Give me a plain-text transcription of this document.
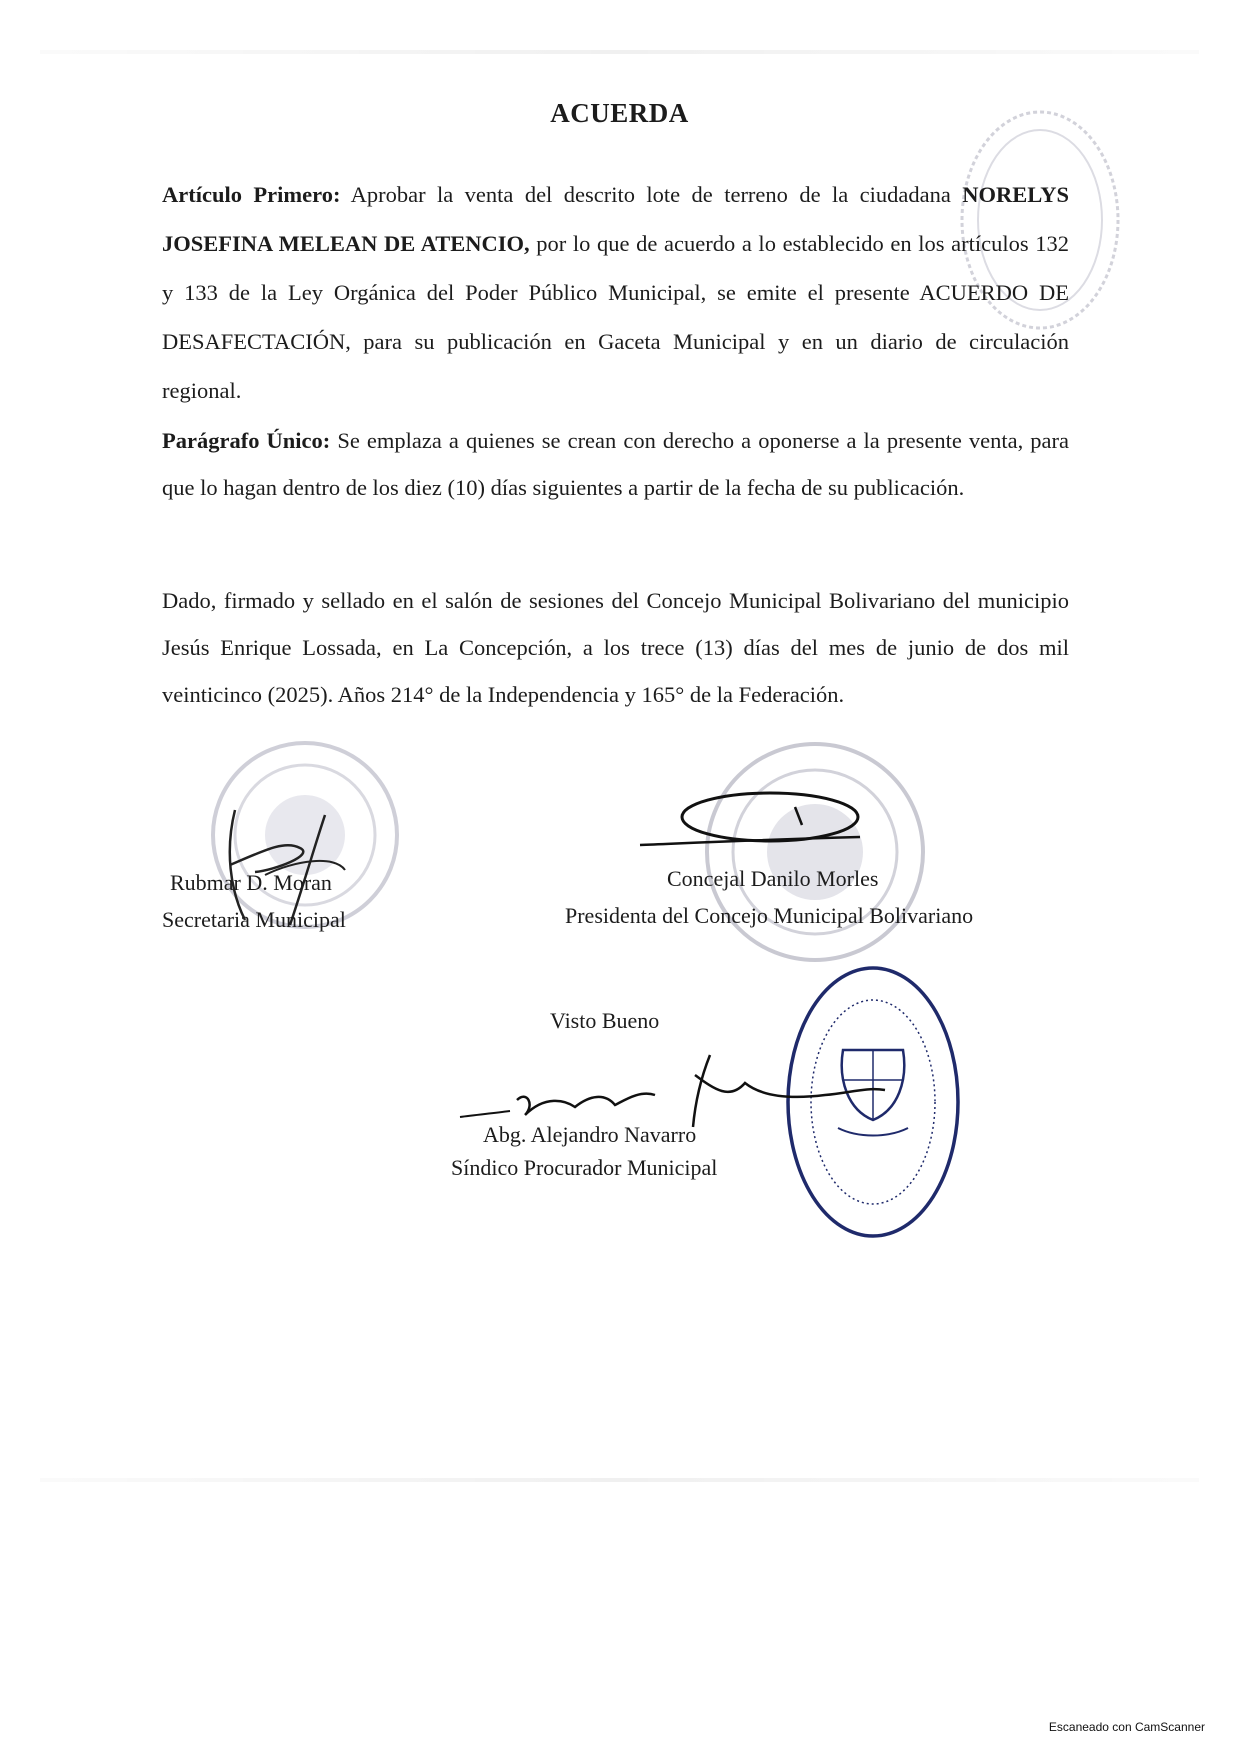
ACUERDA

Artículo Primero: Aprobar la venta del descrito lote de terreno de la ciudadana NORELYS JOSEFINA MELEAN DE ATENCIO, por lo que de acuerdo a lo establecido en los artículos 132 y 133 de la Ley Orgánica del Poder Público Municipal, se emite el presente ACUERDO DE DESAFECTACIÓN, para su publicación en Gaceta Municipal y en un diario de circulación regional.

Parágrafo Único: Se emplaza a quienes se crean con derecho a oponerse a la presente venta, para que lo hagan dentro de los diez (10) días siguientes a partir de la fecha de su publicación.

Dado, firmado y sellado en el salón de sesiones del Concejo Municipal Bolivariano del municipio Jesús Enrique Lossada, en La Concepción, a los trece (13) días del mes de junio de dos mil veinticinco (2025). Años 214° de la Independencia y 165° de la Federación.

Rubmar D. Moran
Secretaria Municipal
Concejal Danilo Morles
Presidenta del Concejo Municipal Bolivariano
Visto Bueno
Abg. Alejandro Navarro
Síndico Procurador Municipal
Escaneado con CamScanner
